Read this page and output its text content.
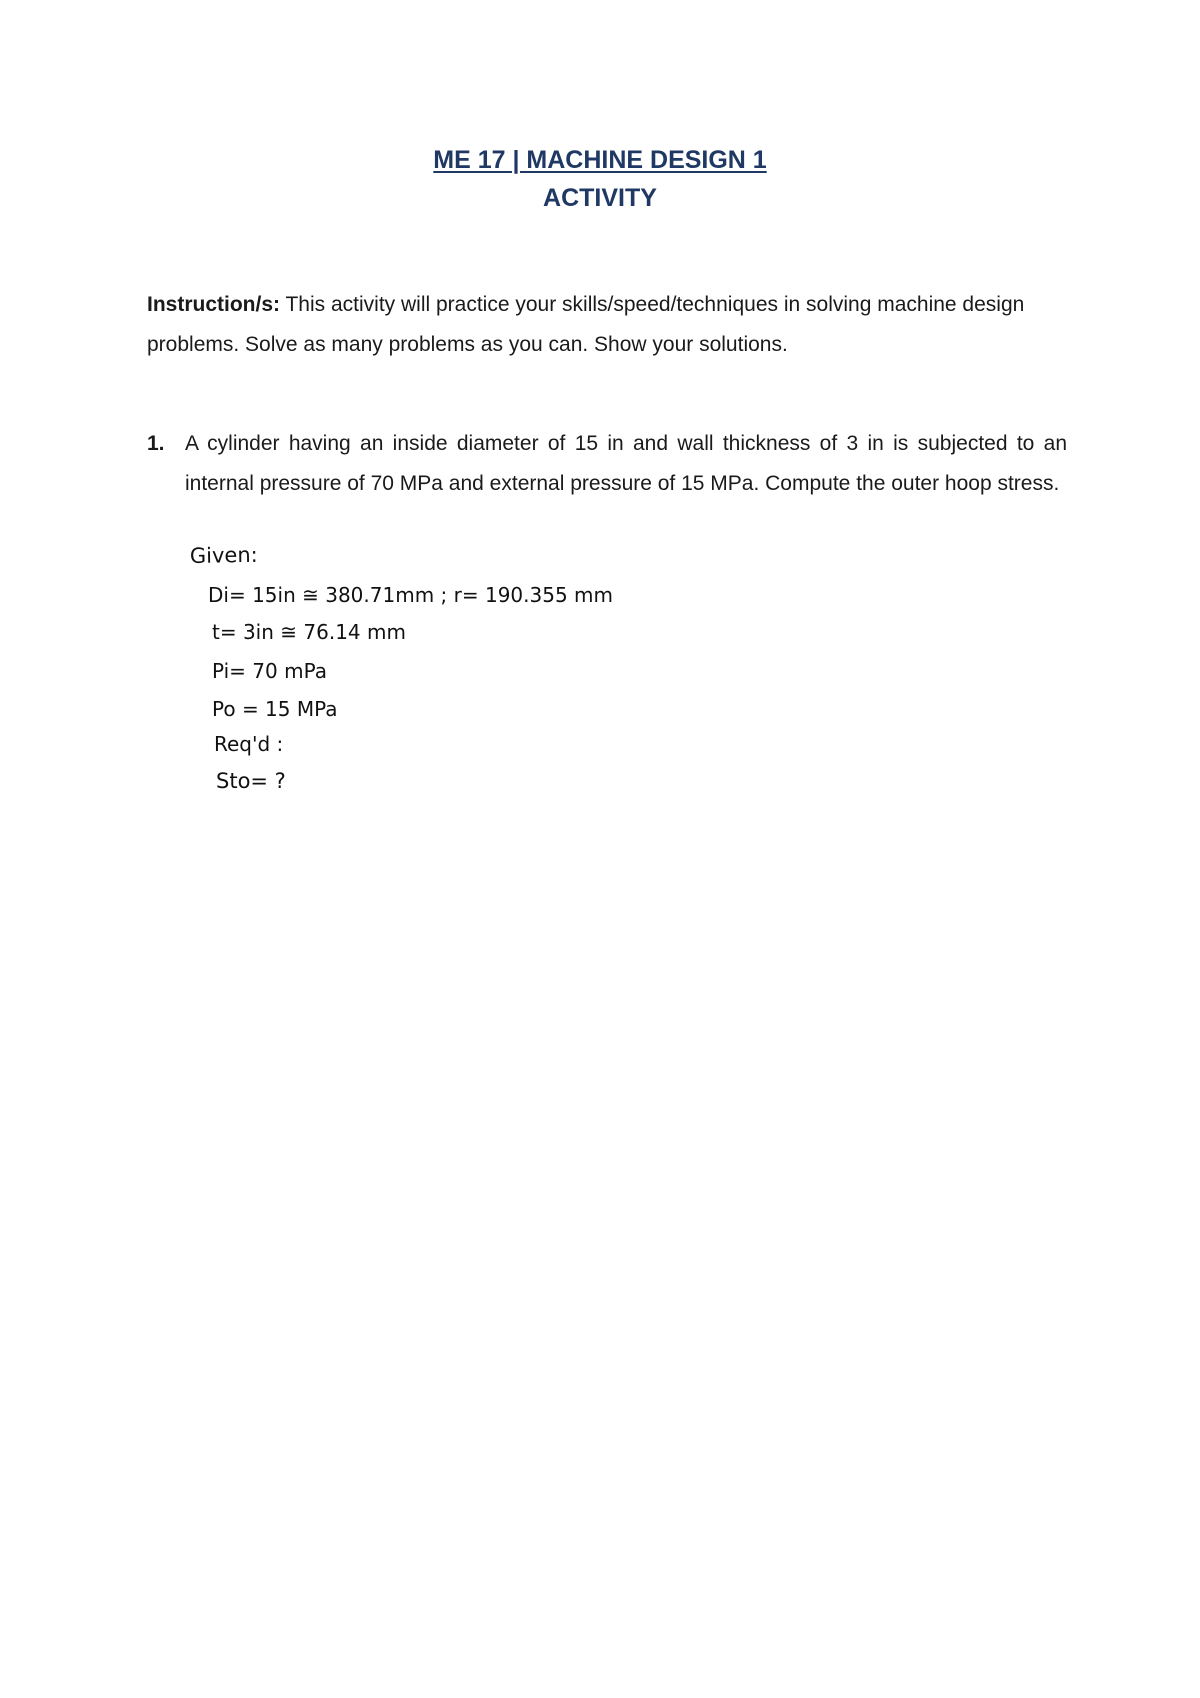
ME 17 | MACHINE DESIGN 1
ACTIVITY
Instruction/s: This activity will practice your skills/speed/techniques in solving machine design problems. Solve as many problems as you can. Show your solutions.
1. A cylinder having an inside diameter of 15 in and wall thickness of 3 in is subjected to an internal pressure of 70 MPa and external pressure of 15 MPa. Compute the outer hoop stress.
Given:
Di= 15in ≅ 380.71mm ; r= 190.355 mm
t= 3in ≅ 76.14 mm
Pi= 70 mPa
Po = 15 MPa
Req'd :
Sto= ?
